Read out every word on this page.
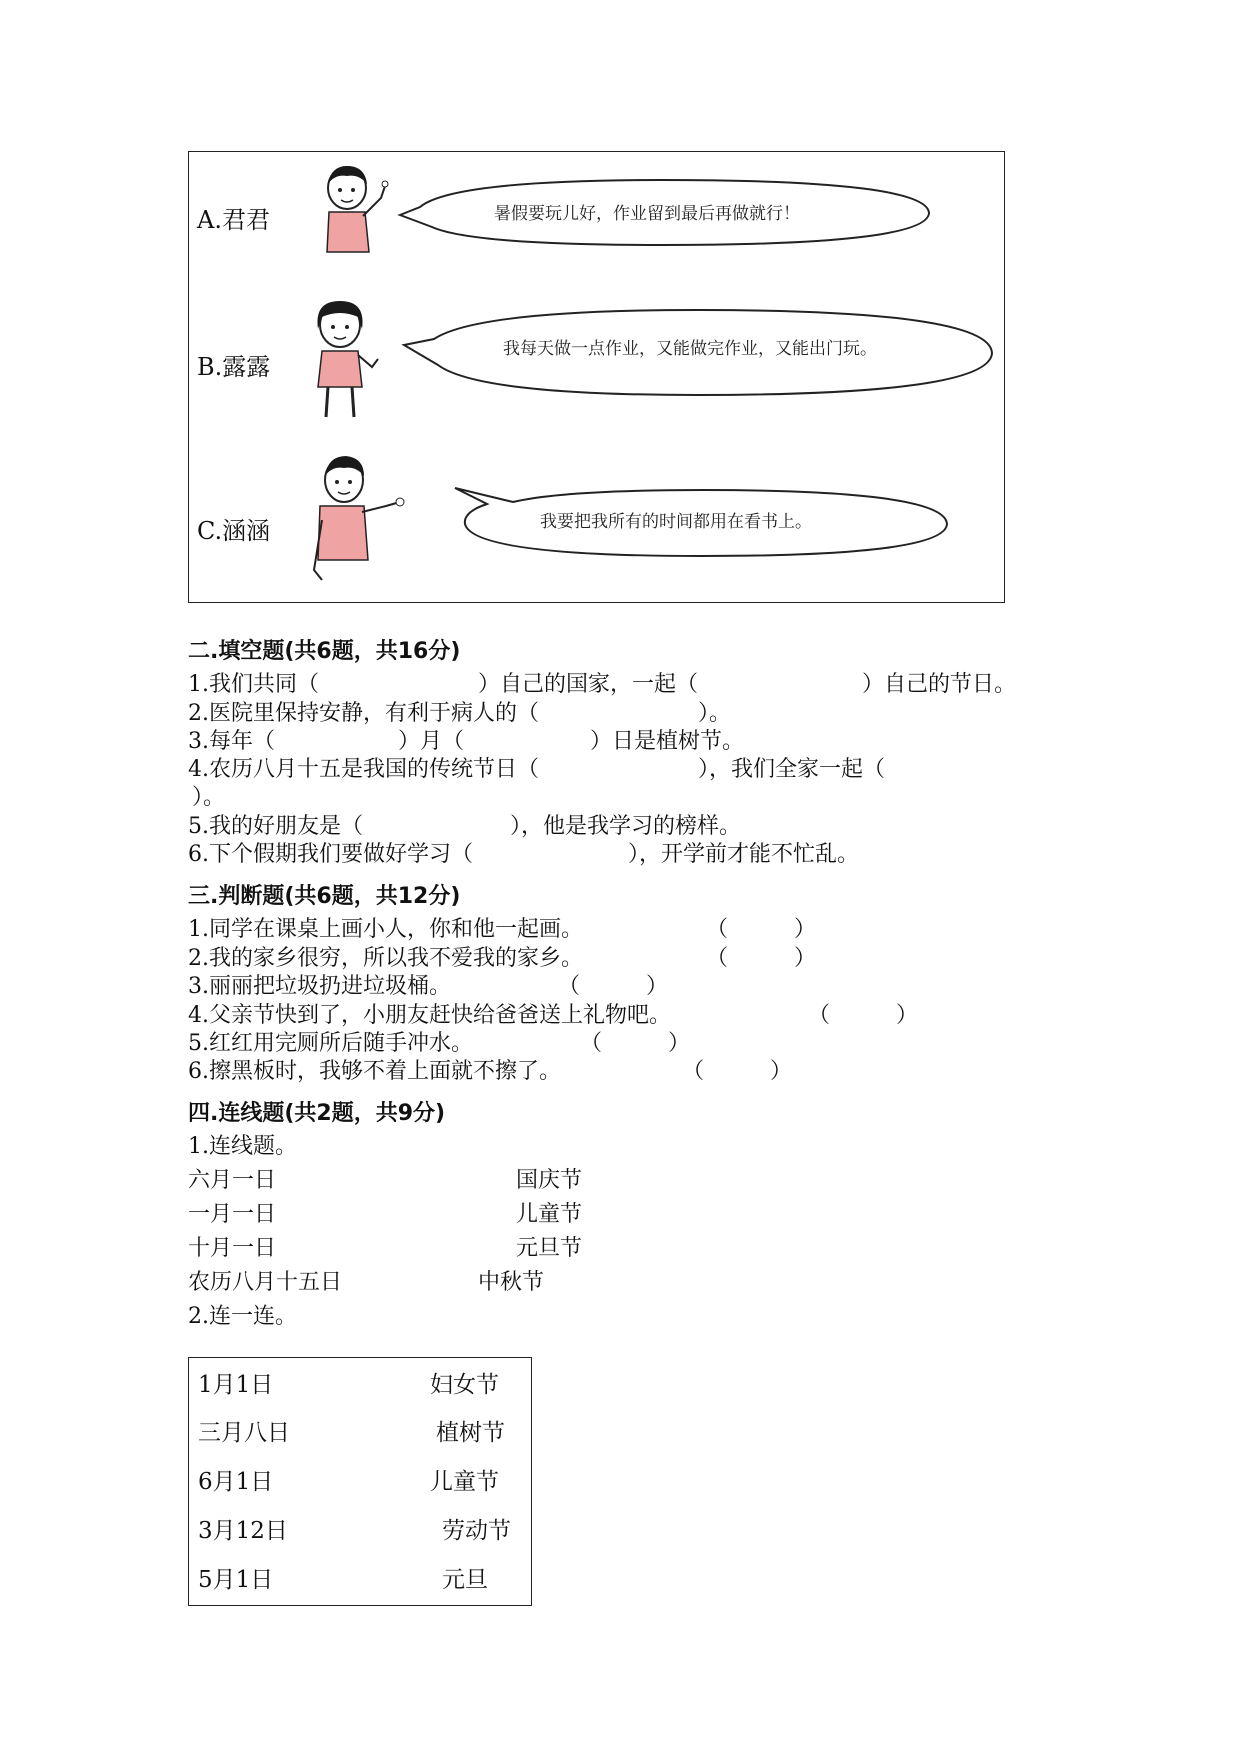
A.君君	暑假要玩儿好，作业留到最后再做就行！
B.露露
我每天做一点作业，又能做完作业，又能出门玩。
C.涵涵	我要把我所有的时间都用在看书上。
二.填空题(共6题，共16分)
1.我们共同（	）自己的国家，一起（	）自己的节日。
2.医院里保持安静，有利于病人的（	）。
3.每年（	）月（	）日是植树节。
4.农历八月十五是我国的传统节日（	），我们全家一起（
）。
5.我的好朋友是（	），他是我学习的榜样。
6.下个假期我们要做好学习（	），开学前才能不忙乱。
三.判断题(共6题，共12分)
1.同学在课桌上画小人，你和他一起画。	（　　　）
2.我的家乡很穷，所以我不爱我的家乡。	（　　　）
3.丽丽把垃圾扔进垃圾桶。	（　　　）
4.父亲节快到了，小朋友赶快给爸爸送上礼物吧。	（　　　）
5.红红用完厕所后随手冲水。	（　　　）
6.擦黑板时，我够不着上面就不擦了。	（　　　）
四.连线题(共2题，共9分)
1.连线题。
六月一日	国庆节
一月一日	儿童节
十月一日	元旦节
农历八月十五日	中秋节
2.连一连。
1月1日	妇女节
三月八日	植树节
6月1日	儿童节
3月12日	劳动节
5月1日	元旦
